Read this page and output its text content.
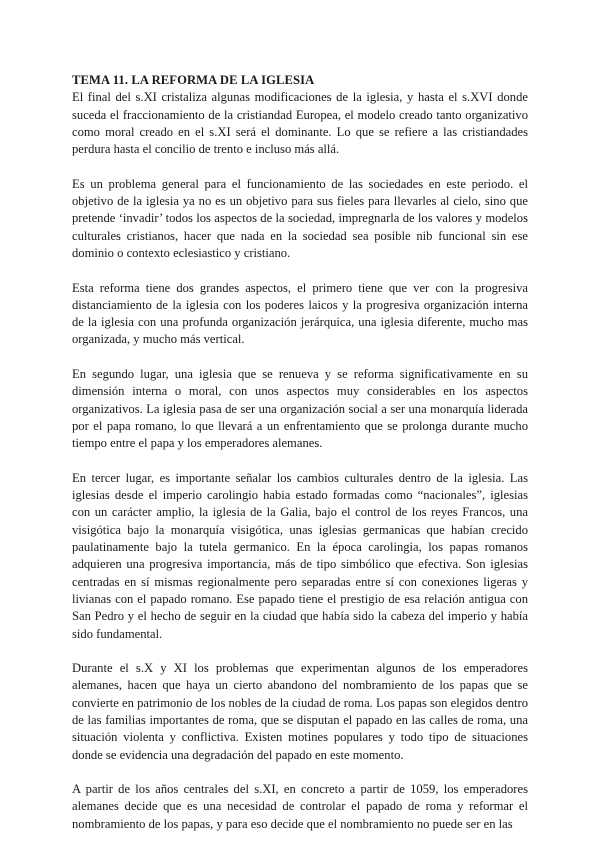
TEMA 11. LA REFORMA DE LA IGLESIA

El final del s.XI cristaliza algunas modificaciones de la iglesia, y hasta el s.XVI donde suceda el fraccionamiento de la cristiandad Europea, el modelo creado tanto organizativo como moral creado en el s.XI será el dominante. Lo que se refiere a las cristiandades perdura hasta el concilio de trento e incluso más allá.

Es un problema general para el funcionamiento de las sociedades en este periodo. el objetivo de la iglesia ya no es un objetivo para sus fieles para llevarles al cielo, sino que pretende ‘invadir’ todos los aspectos de la sociedad, impregnarla de los valores y modelos culturales cristianos, hacer que nada en la sociedad sea posible nib funcional sin ese dominio o contexto eclesiastico y cristiano.

Esta reforma tiene dos grandes aspectos, el primero tiene que ver con la progresiva distanciamiento de la iglesia con los poderes laicos y la progresiva organización interna de la iglesia con una profunda organización jerárquica, una iglesia diferente, mucho mas organizada, y mucho más vertical.

En segundo lugar, una iglesia que se renueva y se reforma significativamente en su dimensión interna o moral, con unos aspectos muy considerables en los aspectos organizativos. La iglesia pasa de ser una organización social a ser una monarquía liderada por el papa romano, lo que llevará a un enfrentamiento que se prolonga durante mucho tiempo entre el papa y los emperadores alemanes.

En tercer lugar, es importante señalar los cambios culturales dentro de la iglesia. Las iglesias desde el imperio carolingio habia estado formadas como “nacionales”, iglesias con un carácter amplio, la iglesia de la Galia, bajo el control de los reyes Francos, una visigótica bajo la monarquía visigótica, unas iglesias germanicas que habían crecido paulatinamente bajo la tutela germanico. En la época carolingia, los papas romanos adquieren una progresiva importancia, más de tipo simbólico que efectiva. Son iglesias centradas en sí mismas regionalmente pero separadas entre sí con conexiones ligeras y livianas con el papado romano. Ese papado tiene el prestigio de esa relación antigua con San Pedro y el hecho de seguir en la ciudad que había sido la cabeza del imperio y había sido fundamental.

Durante el s.X y XI los problemas que experimentan algunos de los emperadores alemanes, hacen que haya un cierto abandono del nombramiento de los papas que se convierte en patrimonio de los nobles de la ciudad de roma. Los papas son elegidos dentro de las familias importantes de roma, que se disputan el papado en las calles de roma, una situación violenta y conflictiva. Existen motines populares y todo tipo de situaciones donde se evidencia una degradación del papado en este momento.

A partir de los años centrales del s.XI, en concreto a partir de 1059, los emperadores alemanes decide que es una necesidad de controlar el papado de roma y reformar el nombramiento de los papas, y para eso decide que el nombramiento no puede ser en las
